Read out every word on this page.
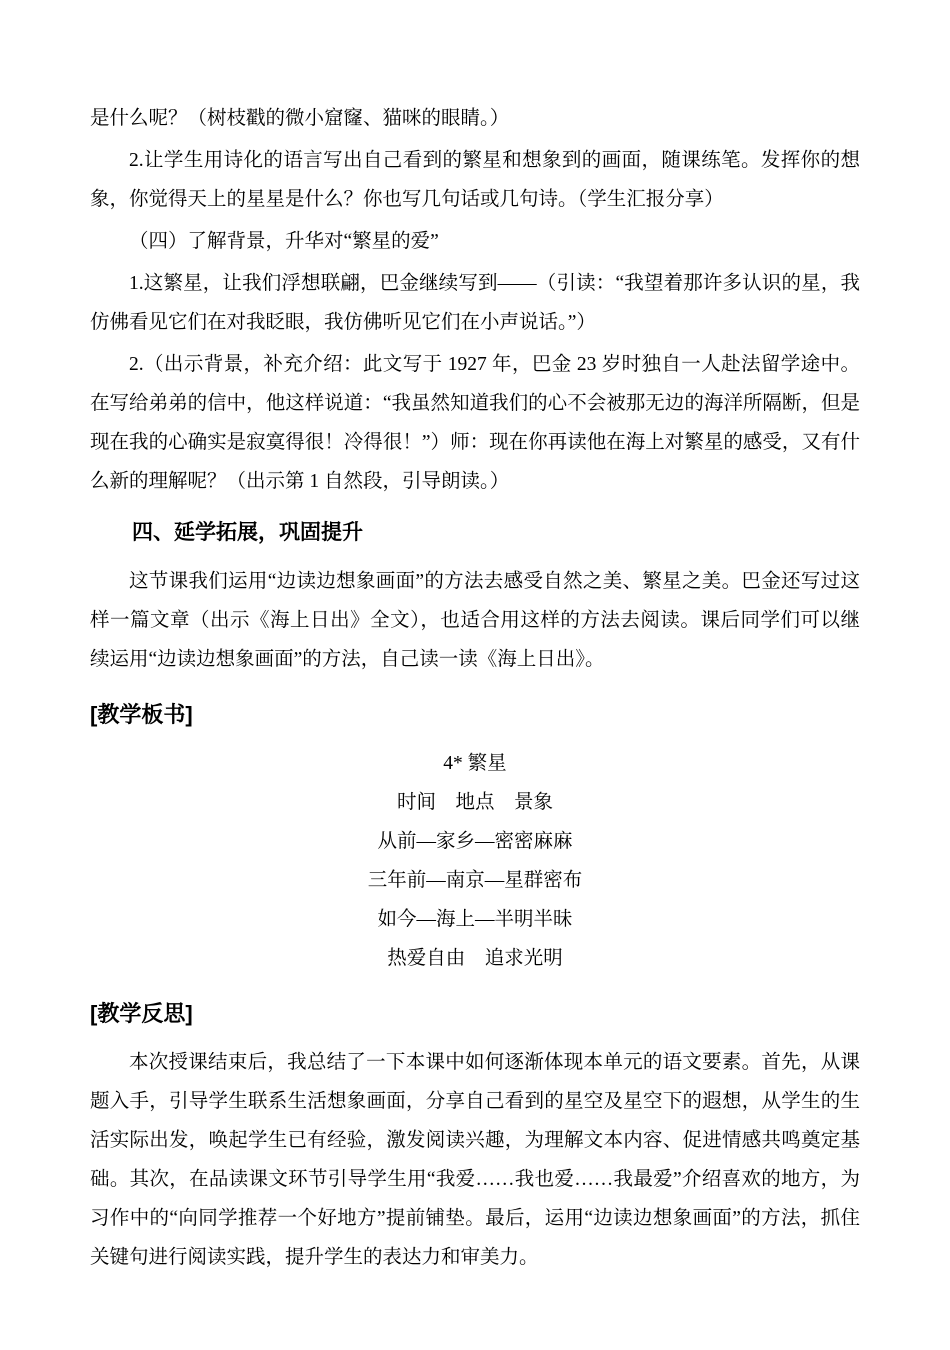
是什么呢？（树枝戳的微小窟窿、猫咪的眼睛。）

2.让学生用诗化的语言写出自己看到的繁星和想象到的画面，随课练笔。发挥你的想象，你觉得天上的星星是什么？你也写几句话或几句诗。（学生汇报分享）

（四）了解背景，升华对“繁星的爱”

1.这繁星，让我们浮想联翩，巴金继续写到——（引读：“我望着那许多认识的星，我仿佛看见它们在对我眨眼，我仿佛听见它们在小声说话。”）

2.（出示背景，补充介绍：此文写于 1927 年，巴金 23 岁时独自一人赴法留学途中。在写给弟弟的信中，他这样说道：“我虽然知道我们的心不会被那无边的海洋所隔断，但是现在我的心确实是寂寞得很！冷得很！”）师：现在你再读他在海上对繁星的感受，又有什么新的理解呢？（出示第 1 自然段，引导朗读。）

四、延学拓展，巩固提升

这节课我们运用“边读边想象画面”的方法去感受自然之美、繁星之美。巴金还写过这样一篇文章（出示《海上日出》全文），也适合用这样的方法去阅读。课后同学们可以继续运用“边读边想象画面”的方法，自己读一读《海上日出》。

[教学板书]

4* 繁星

时间　地点　景象

从前—家乡—密密麻麻

三年前—南京—星群密布

如今—海上—半明半昧

热爱自由　追求光明

[教学反思]

本次授课结束后，我总结了一下本课中如何逐渐体现本单元的语文要素。首先，从课题入手，引导学生联系生活想象画面，分享自己看到的星空及星空下的遐想，从学生的生活实际出发，唤起学生已有经验，激发阅读兴趣，为理解文本内容、促进情感共鸣奠定基础。其次，在品读课文环节引导学生用“我爱……我也爱……我最爱”介绍喜欢的地方，为习作中的“向同学推荐一个好地方”提前铺垫。最后，运用“边读边想象画面”的方法，抓住关键句进行阅读实践，提升学生的表达力和审美力。
